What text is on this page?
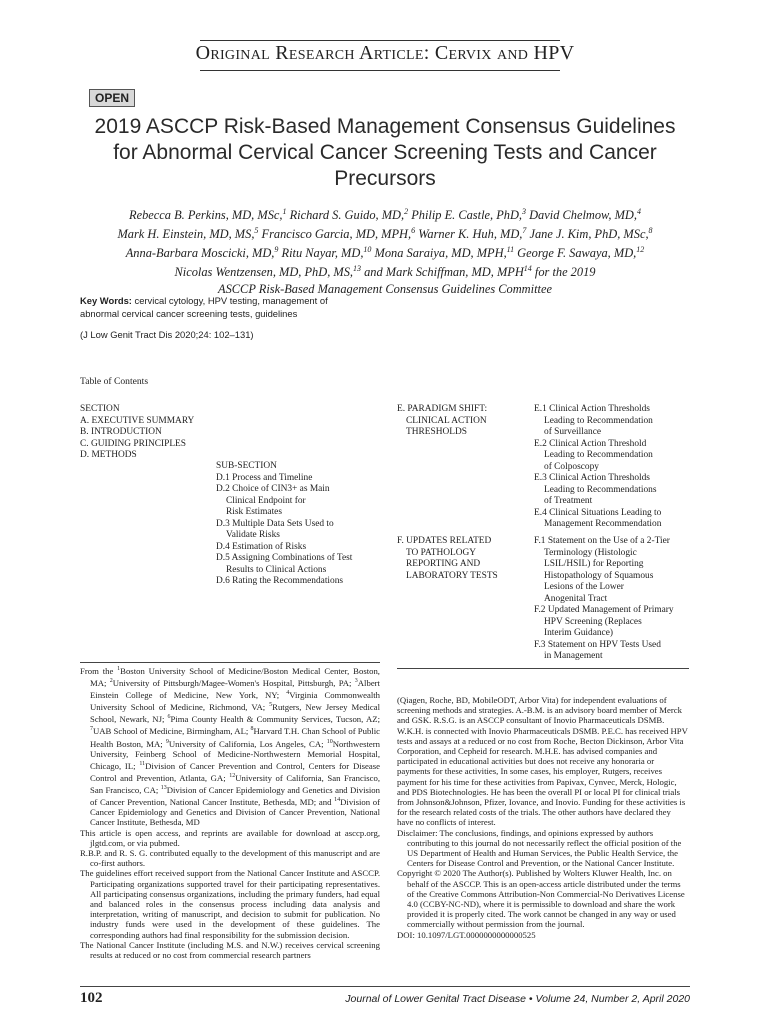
Original Research Article: Cervix and HPV
OPEN
2019 ASCCP Risk-Based Management Consensus Guidelines for Abnormal Cervical Cancer Screening Tests and Cancer Precursors
Rebecca B. Perkins, MD, MSc,$^1$ Richard S. Guido, MD,$^2$ Philip E. Castle, PhD,$^3$ David Chelmow, MD,$^4$
Mark H. Einstein, MD, MS,$^5$ Francisco Garcia, MD, MPH,$^6$ Warner K. Huh, MD,$^7$ Jane J. Kim, PhD, MSc,$^8$
Anna-Barbara Moscicki, MD,$^9$ Ritu Nayar, MD,$^{10}$ Mona Saraiya, MD, MPH,$^{11}$ George F. Sawaya, MD,$^{12}$
Nicolas Wentzensen, MD, PhD, MS,$^{13}$ and Mark Schiffman, MD, MPH$^{14}$ for the 2019
ASCCP Risk-Based Management Consensus Guidelines Committee
Key Words: cervical cytology, HPV testing, management of abnormal cervical cancer screening tests, guidelines
(J Low Genit Tract Dis 2020;24: 102–131)
Table of Contents
SECTION
A. EXECUTIVE SUMMARY
B. INTRODUCTION
C. GUIDING PRINCIPLES
D. METHODS
SUB-SECTION
D.1 Process and Timeline
D.2 Choice of CIN3+ as Main
Clinical Endpoint for
Risk Estimates
D.3 Multiple Data Sets Used to
Validate Risks
D.4 Estimation of Risks
D.5 Assigning Combinations of Test
Results to Clinical Actions
D.6 Rating the Recommendations
E. PARADIGM SHIFT:
CLINICAL ACTION
THRESHOLDS
E.1 Clinical Action Thresholds
Leading to Recommendation
of Surveillance
E.2 Clinical Action Threshold
Leading to Recommendation
of Colposcopy
E.3 Clinical Action Thresholds
Leading to Recommendations
of Treatment
E.4 Clinical Situations Leading to
Management Recommendation
F. UPDATES RELATED
TO PATHOLOGY
REPORTING AND
LABORATORY TESTS
F.1 Statement on the Use of a 2-Tier
Terminology (Histologic
LSIL/HSIL) for Reporting
Histopathology of Squamous
Lesions of the Lower
Anogenital Tract
F.2 Updated Management of Primary
HPV Screening (Replaces
Interim Guidance)
F.3 Statement on HPV Tests Used
in Management
From the $^1$Boston University School of Medicine/Boston Medical Center, Boston, MA; $^2$University of Pittsburgh/Magee-Women's Hospital, Pittsburgh, PA; $^3$Albert Einstein College of Medicine, New York, NY; $^4$Virginia Commonwealth University School of Medicine, Richmond, VA; $^5$Rutgers, New Jersey Medical School, Newark, NJ; $^6$Pima County Health & Community Services, Tucson, AZ; $^7$UAB School of Medicine, Birmingham, AL; $^8$Harvard T.H. Chan School of Public Health Boston, MA; $^9$University of California, Los Angeles, CA; $^{10}$Northwestern University, Feinberg School of Medicine-Northwestern Memorial Hospital, Chicago, IL; $^{11}$Division of Cancer Prevention and Control, Centers for Disease Control and Prevention, Atlanta, GA; $^{12}$University of California, San Francisco, San Francisco, CA; $^{13}$Division of Cancer Epidemiology and Genetics and Division of Cancer Prevention, National Cancer Institute, Bethesda, MD; and $^{14}$Division of Cancer Epidemiology and Genetics and Division of Cancer Prevention, National Cancer Institute, Bethesda, MD
This article is open access, and reprints are available for download at asccp.org, jlgtd.com, or via pubmed.
R.B.P. and R. S. G. contributed equally to the development of this manuscript and are co-first authors.
The guidelines effort received support from the National Cancer Institute and ASCCP. Participating organizations supported travel for their participating representatives. All participating consensus organizations, including the primary funders, had equal and balanced roles in the consensus process including data analysis and interpretation, writing of manuscript, and decision to submit for publication. No industry funds were used in the development of these guidelines. The corresponding authors had final responsibility for the submission decision.
The National Cancer Institute (including M.S. and N.W.) receives cervical screening results at reduced or no cost from commercial research partners
(Qiagen, Roche, BD, MobileODT, Arbor Vita) for independent evaluations of screening methods and strategies. A.-B.M. is an advisory board member of Merck and GSK. R.S.G. is an ASCCP consultant of Inovio Pharmaceuticals DSMB. W.K.H. is connected with Inovio Pharmaceuticals DSMB. P.E.C. has received HPV tests and assays at a reduced or no cost from Roche, Becton Dickinson, Arbor Vita Corporation, and Cepheid for research. M.H.E. has advised companies and participated in educational activities but does not receive any honoraria or payments for these activities, In some cases, his employer, Rutgers, receives payment for his time for these activities from Papivax, Cynvec, Merck, Hologic, and PDS Biotechnologies. He has been the overall PI or local PI for clinical trials from Johnson&Johnson, Pfizer, Iovance, and Inovio. Funding for these activities is for the research related costs of the trials. The other authors have declared they have no conflicts of interest.
Disclaimer: The conclusions, findings, and opinions expressed by authors contributing to this journal do not necessarily reflect the official position of the US Department of Health and Human Services, the Public Health Service, the Centers for Disease Control and Prevention, or the National Cancer Institute.
Copyright © 2020 The Author(s). Published by Wolters Kluwer Health, Inc. on behalf of the ASCCP. This is an open-access article distributed under the terms of the Creative Commons Attribution-Non Commercial-No Derivatives License 4.0 (CCBY-NC-ND), where it is permissible to download and share the work provided it is properly cited. The work cannot be changed in any way or used commercially without permission from the journal.
DOI: 10.1097/LGT.0000000000000525
102	Journal of Lower Genital Tract Disease • Volume 24, Number 2, April 2020
